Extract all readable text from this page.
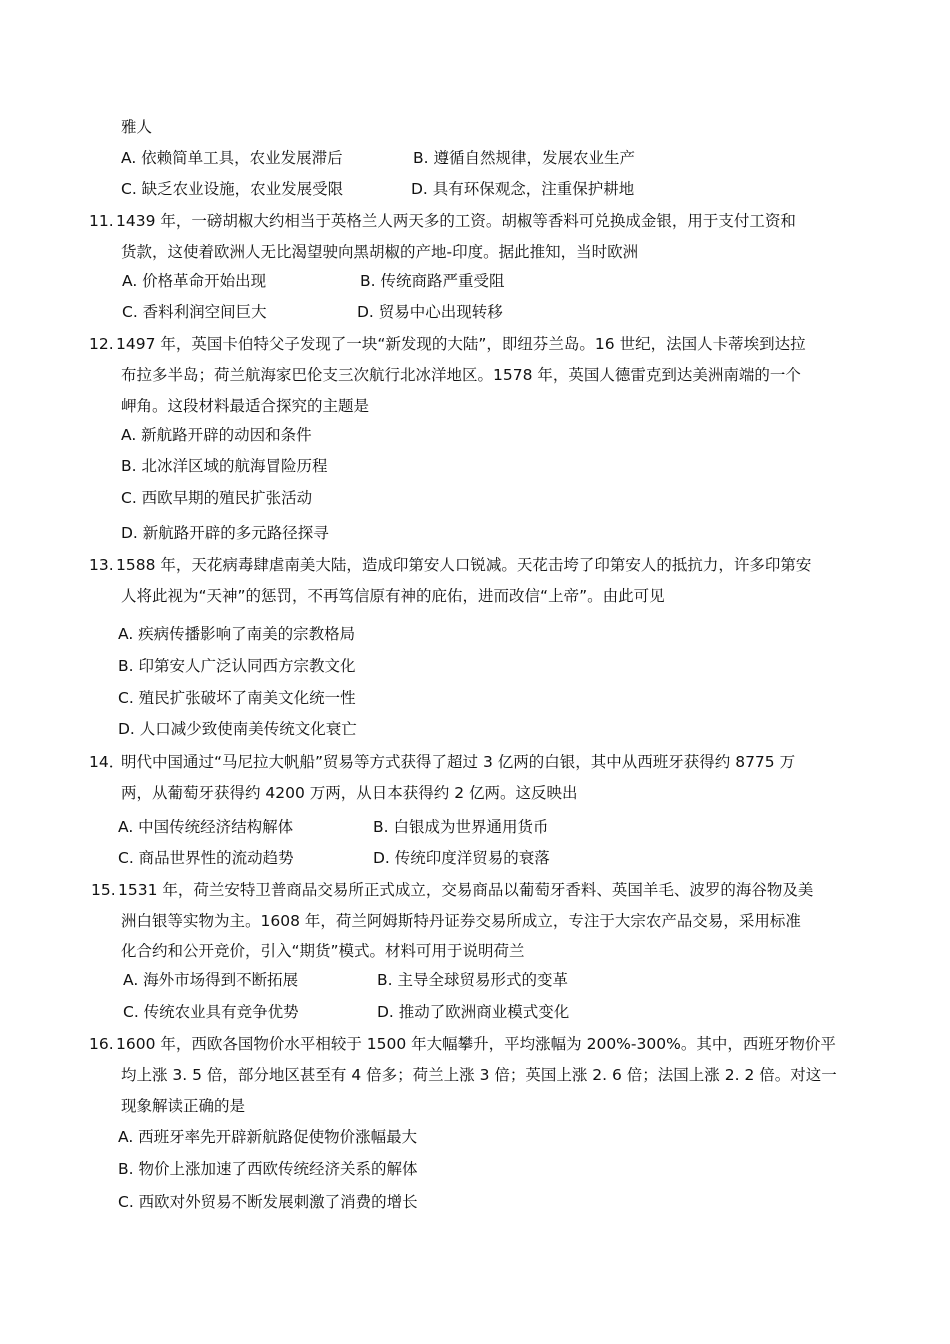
雅人
A. 依赖简单工具，农业发展滞后	B. 遵循自然规律，发展农业生产
C. 缺乏农业设施，农业发展受限	D. 具有环保观念，注重保护耕地
11. 1439 年，一磅胡椒大约相当于英格兰人两天多的工资。胡椒等香料可兑换成金银，用于支付工资和
货款，这使着欧洲人无比渴望驶向黑胡椒的产地-印度。据此推知，当时欧洲
A. 价格革命开始出现	B. 传统商路严重受阻
C. 香料利润空间巨大	D. 贸易中心出现转移
12. 1497 年，英国卡伯特父子发现了一块“新发现的大陆”，即纽芬兰岛。16 世纪，法国人卡蒂埃到达拉
布拉多半岛；荷兰航海家巴伦支三次航行北冰洋地区。1578 年，英国人德雷克到达美洲南端的一个
岬角。这段材料最适合探究的主题是
A. 新航路开辟的动因和条件
B. 北冰洋区域的航海冒险历程
C. 西欧早期的殖民扩张活动
D. 新航路开辟的多元路径探寻
13. 1588 年，天花病毒肆虐南美大陆，造成印第安人口锐减。天花击垮了印第安人的抵抗力，许多印第安
人将此视为“天神”的惩罚，不再笃信原有神的庇佑，进而改信“上帝”。由此可见
A. 疾病传播影响了南美的宗教格局
B. 印第安人广泛认同西方宗教文化
C. 殖民扩张破坏了南美文化统一性
D. 人口减少致使南美传统文化衰亡
14．
明代中国通过“马尼拉大帆船”贸易等方式获得了超过 3 亿两的白银，其中从西班牙获得约 8775 万
两，从葡萄牙获得约 4200 万两，从日本获得约 2 亿两。这反映出
A. 中国传统经济结构解体	B. 白银成为世界通用货币
C. 商品世界性的流动趋势	D. 传统印度洋贸易的衰落
15. 1531 年，荷兰安特卫普商品交易所正式成立，交易商品以葡萄牙香料、英国羊毛、波罗的海谷物及美
洲白银等实物为主。1608 年，荷兰阿姆斯特丹证券交易所成立，专注于大宗农产品交易，采用标准
化合约和公开竞价，引入“期货”模式。材料可用于说明荷兰
A. 海外市场得到不断拓展	B. 主导全球贸易形式的变革
C. 传统农业具有竞争优势	D. 推动了欧洲商业模式变化
16. 1600 年，西欧各国物价水平相较于 1500 年大幅攀升，平均涨幅为 200%-300%。其中，西班牙物价平
均上涨 3. 5 倍，部分地区甚至有 4 倍多；荷兰上涨 3 倍；英国上涨 2. 6 倍；法国上涨 2. 2 倍。对这一
现象解读正确的是
A. 西班牙率先开辟新航路促使物价涨幅最大
B. 物价上涨加速了西欧传统经济关系的解体
C. 西欧对外贸易不断发展刺激了消费的增长
